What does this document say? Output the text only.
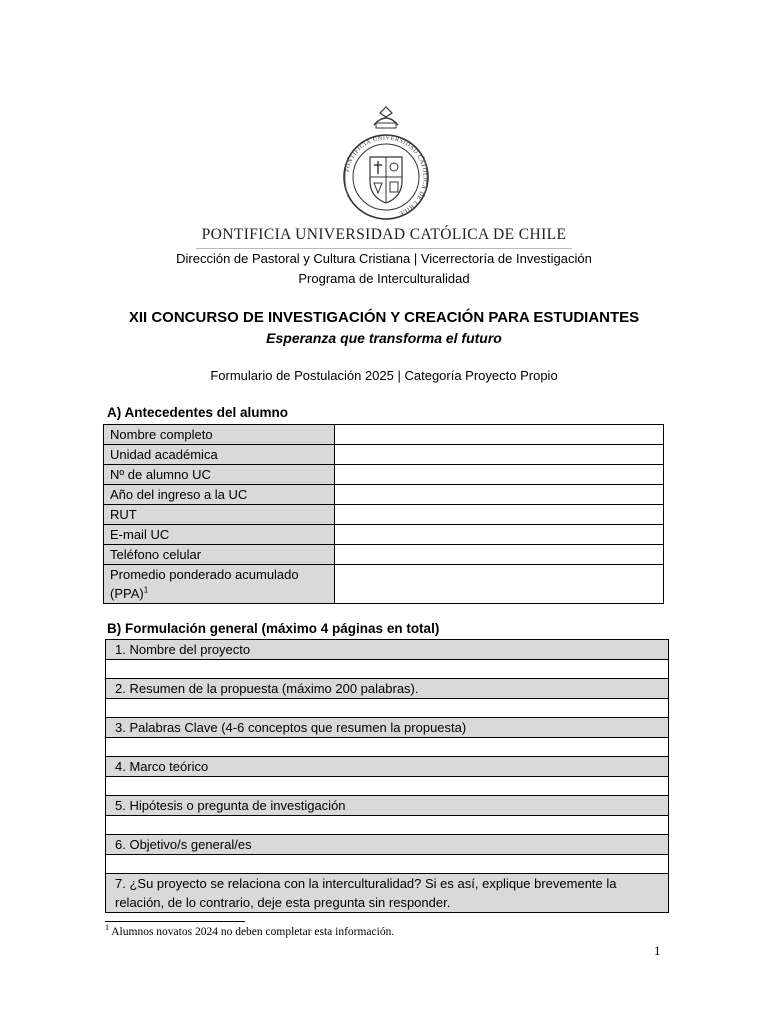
PONTIFICIA UNIVERSIDAD CATOLICA DE CHILE
PONTIFICIA UNIVERSIDAD CATÓLICA DE CHILE
Dirección de Pastoral y Cultura Cristiana | Vicerrectoría de Investigación
Programa de Interculturalidad
XII CONCURSO DE INVESTIGACIÓN Y CREACIÓN PARA ESTUDIANTES
Esperanza que transforma el futuro
Formulario de Postulación 2025 | Categoría Proyecto Propio
A) Antecedentes del alumno
Nombre completo	
Unidad académica	
Nº de alumno UC	
Año del ingreso a la UC	
RUT	
E-mail UC	
Teléfono celular	
Promedio ponderado acumulado (PPA)$^1$	
B) Formulación general (máximo 4 páginas en total)
1. Nombre del proyecto

2. Resumen de la propuesta (máximo 200 palabras).

3. Palabras Clave (4-6 conceptos que resumen la propuesta)

4. Marco teórico

5. Hipótesis o pregunta de investigación

6. Objetivo/s general/es

7. ¿Su proyecto se relaciona con la interculturalidad? Si es así, explique brevemente la relación, de lo contrario, deje esta pregunta sin responder.
$^1$ Alumnos novatos 2024 no deben completar esta información.
1
